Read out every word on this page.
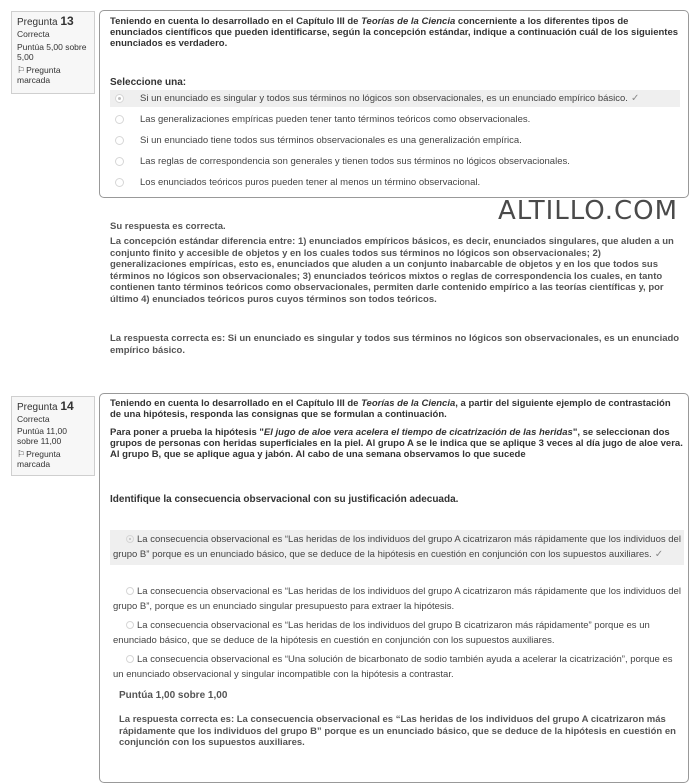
Pregunta 13
Correcta
Puntúa 5,00 sobre 5,00
⚐Pregunta marcada
Teniendo en cuenta lo desarrollado en el Capítulo III de Teorías de la Ciencia concerniente a los diferentes tipos de enunciados científicos que pueden identificarse, según la concepción estándar, indique a continuación cuál de los siguientes enunciados es verdadero.
Seleccione una:
Si un enunciado es singular y todos sus términos no lógicos son observacionales, es un enunciado empírico básico. ✓
Las generalizaciones empíricas pueden tener tanto términos teóricos como observacionales.
Si un enunciado tiene todos sus términos observacionales es una generalización empírica.
Las reglas de correspondencia son generales y tienen todos sus términos no lógicos observacionales.
Los enunciados teóricos puros pueden tener al menos un término observacional.
ALTILLO.COM
Su respuesta es correcta.
La concepción estándar diferencia entre: 1) enunciados empíricos básicos, es decir, enunciados singulares, que aluden a un conjunto finito y accesible de objetos y en los cuales todos sus términos no lógicos son observacionales; 2) generalizaciones empíricas, esto es, enunciados que aluden a un conjunto inabarcable de objetos y en los que todos sus términos no lógicos son observacionales; 3) enunciados teóricos mixtos o reglas de correspondencia los cuales, en tanto contienen tanto términos teóricos como observacionales, permiten darle contenido empírico a las teorías científicas y, por último 4) enunciados teóricos puros cuyos términos son todos teóricos.
La respuesta correcta es: Si un enunciado es singular y todos sus términos no lógicos son observacionales, es un enunciado empírico básico.
Pregunta 14
Correcta
Puntúa 11,00 sobre 11,00
⚐Pregunta marcada
Teniendo en cuenta lo desarrollado en el Capítulo III de Teorías de la Ciencia, a partir del siguiente ejemplo de contrastación de una hipótesis, responda las consignas que se formulan a continuación.
Para poner a prueba la hipótesis "El jugo de aloe vera acelera el tiempo de cicatrización de las heridas", se seleccionan dos grupos de personas con heridas superficiales en la piel. Al grupo A se le indica que se aplique 3 veces al día jugo de aloe vera. Al grupo B, que se aplique agua y jabón. Al cabo de una semana observamos lo que sucede
Identifique la consecuencia observacional con su justificación adecuada.
La consecuencia observacional es “Las heridas de los individuos del grupo A cicatrizaron más rápidamente que los individuos del grupo B” porque es un enunciado básico, que se deduce de la hipótesis en cuestión en conjunción con los supuestos auxiliares. ✓
La consecuencia observacional es “Las heridas de los individuos del grupo A cicatrizaron más rápidamente que los individuos del grupo B”, porque es un enunciado singular presupuesto para extraer la hipótesis.
La consecuencia observacional es “Las heridas de los individuos del grupo B cicatrizaron más rápidamente” porque es un enunciado básico, que se deduce de la hipótesis en cuestión en conjunción con los supuestos auxiliares.
La consecuencia observacional es “Una solución de bicarbonato de sodio también ayuda a acelerar la cicatrización”, porque es un enunciado observacional y singular incompatible con la hipótesis a contrastar.
Puntúa 1,00 sobre 1,00
La respuesta correcta es: La consecuencia observacional es “Las heridas de los individuos del grupo A cicatrizaron más rápidamente que los individuos del grupo B” porque es un enunciado básico, que se deduce de la hipótesis en cuestión en conjunción con los supuestos auxiliares.
